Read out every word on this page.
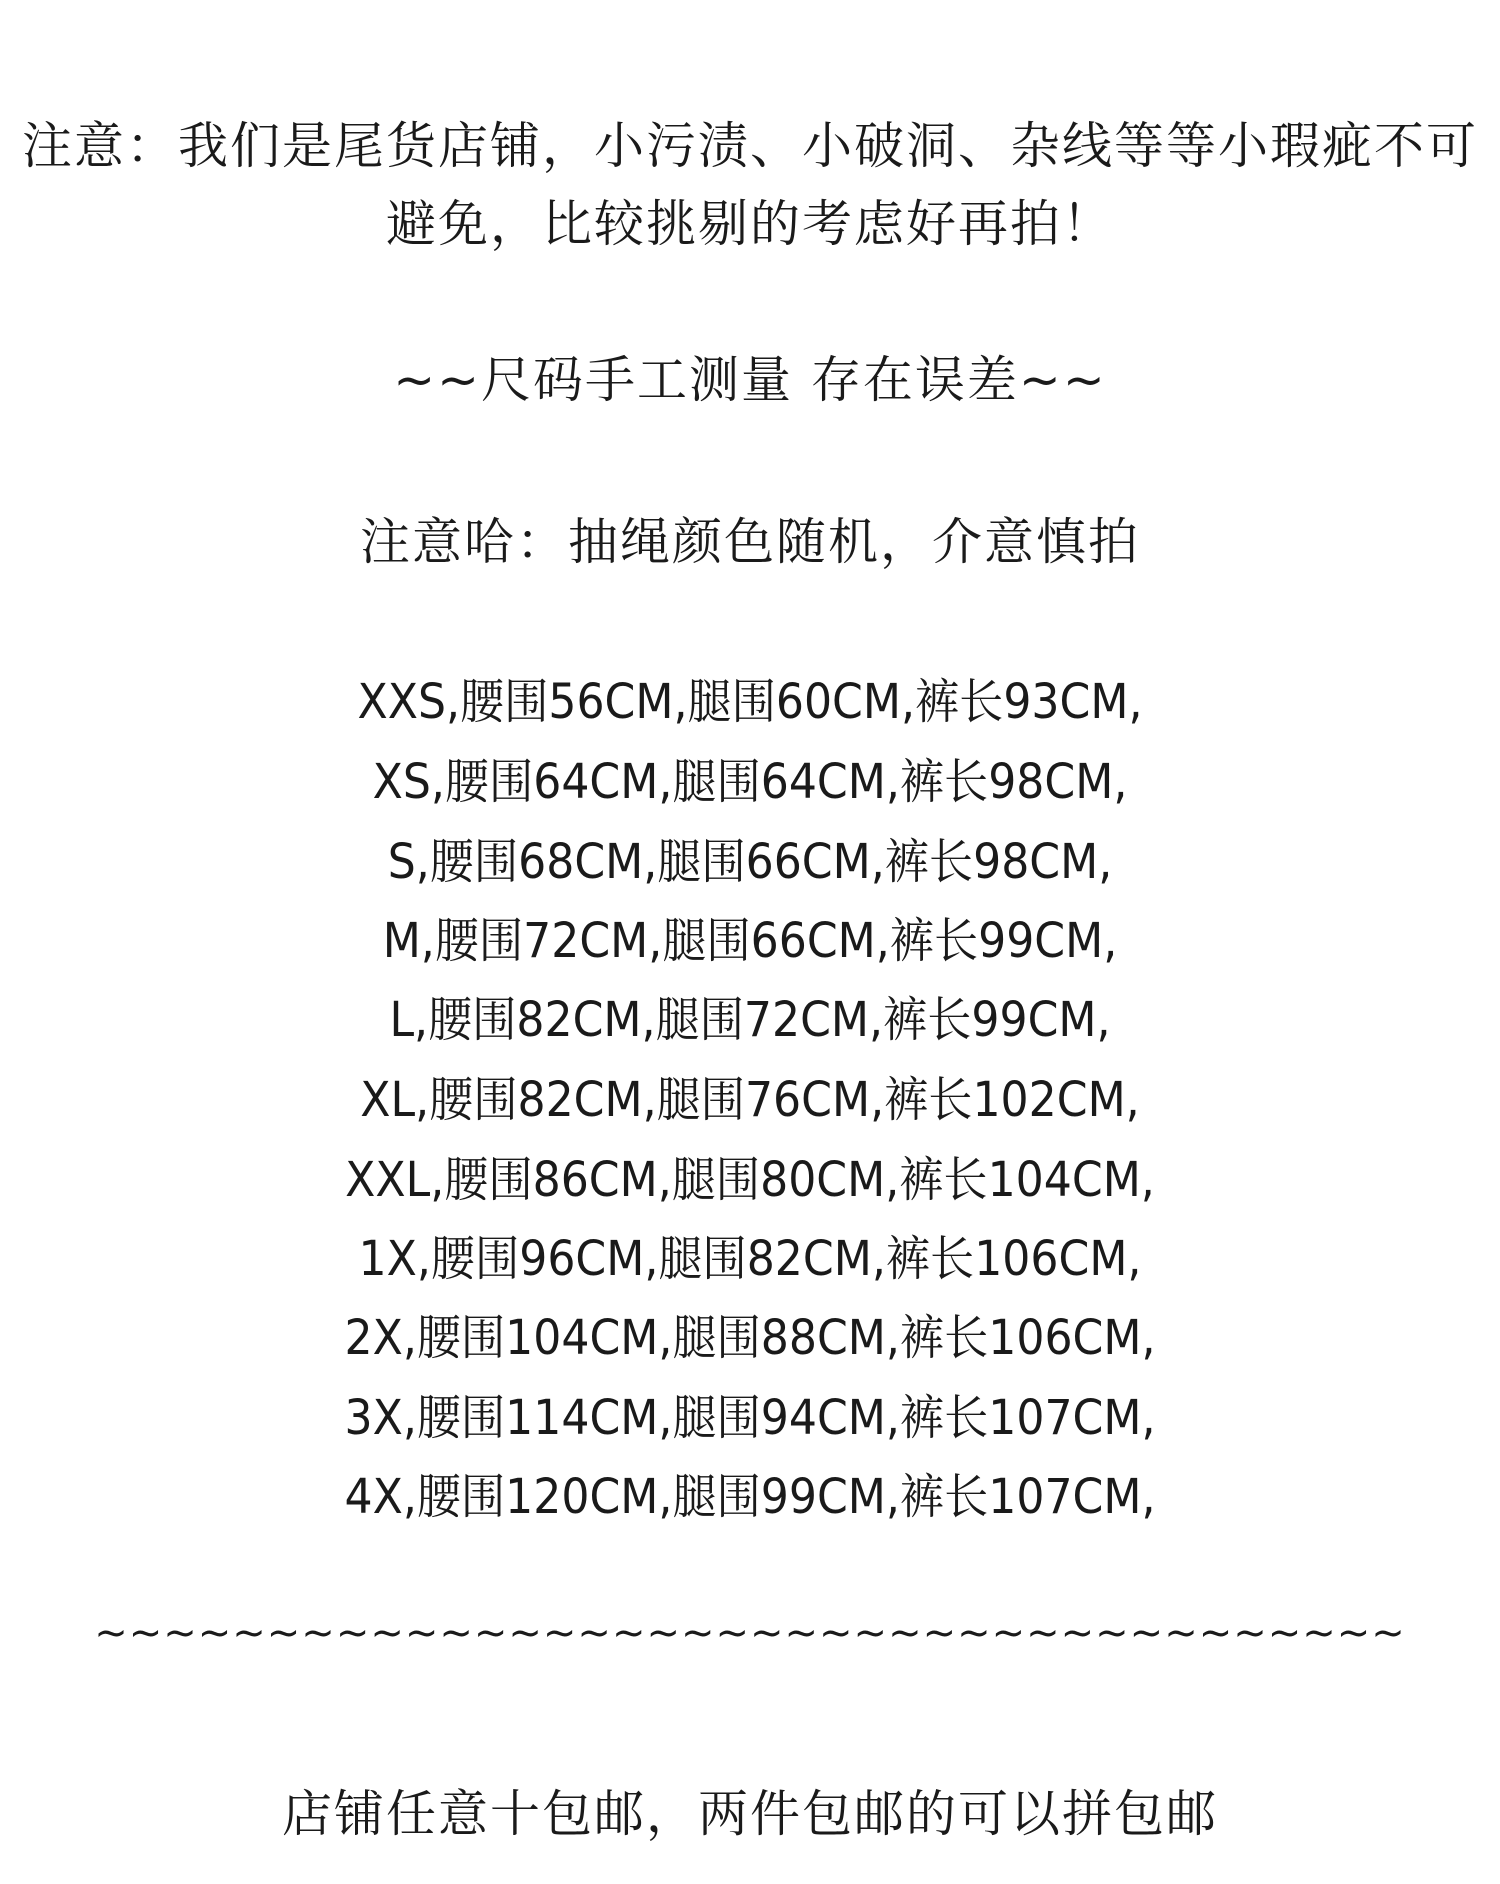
注意：我们是尾货店铺，小污渍、小破洞、杂线等等小瑕疵不可
避免，比较挑剔的考虑好再拍！
~~尺码手工测量 存在误差~~
注意哈：抽绳颜色随机，介意慎拍
XXS,腰围56CM,腿围60CM,裤长93CM,
XS,腰围64CM,腿围64CM,裤长98CM,
S,腰围68CM,腿围66CM,裤长98CM,
M,腰围72CM,腿围66CM,裤长99CM,
L,腰围82CM,腿围72CM,裤长99CM,
XL,腰围82CM,腿围76CM,裤长102CM,
XXL,腰围86CM,腿围80CM,裤长104CM,
1X,腰围96CM,腿围82CM,裤长106CM,
2X,腰围104CM,腿围88CM,裤长106CM,
3X,腰围114CM,腿围94CM,裤长107CM,
4X,腰围120CM,腿围99CM,裤长107CM,
~~~~~~~~~~~~~~~~~~~~~~~~~~~~~~~~~~~~~~
店铺任意十包邮，两件包邮的可以拼包邮
